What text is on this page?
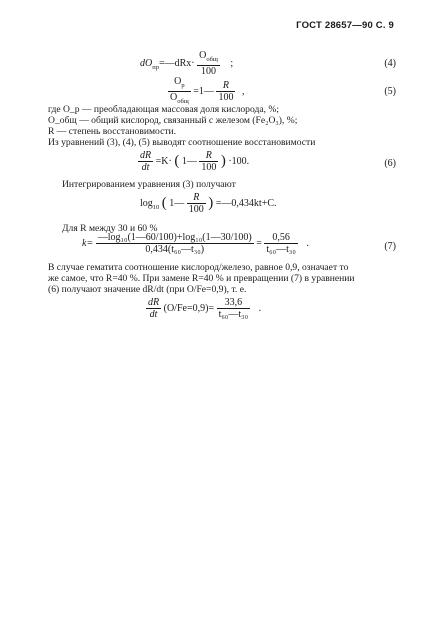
ГОСТ 28657—90 С. 9
$dO_{пр}=—dRx\cdot \frac{O_{общ}}{100}$ ;	(4)
$\frac{O_р}{O_{общ}}$ =1— $\frac{R}{100}$ ,	(5)
где O_р — преобладающая массовая доля кислорода, %;
O_общ — общий кислород, связанный с железом (Fe₂O₃), %;
R — степень восстановимости.
Из уравнений (3), (4), (5) выводят соотношение восстановимости
$\frac{dR}{dt} =K\cdot$ ( 1— $\frac{R}{100}$ ) ·100.	(6)
Интегрированием уравнения (3) получают
$\log_{10}$ ( 1— $\frac{R}{100}$ ) =—0,434kt+C.
Для R между 30 и 60 %
$k= \frac{\text{—log₁₀(1—60/100)+log₁₀(1—30/100)}}{\text{0,434(t₆₀—t₃₀)}} = \frac{0,56}{\text{t₆₀—t₃₀}}$ .	(7)
В случае гематита соотношение кислород/железо, равное 0,9, означает то
же самое, что R=40 %. При замене R=40 % и превращении (7) в уравнении
(6) получают значение dR/dt (при O/Fe=0,9), т. е.
$\frac{dR}{dt} (O/Fe=0,9)= \frac{33,6}{\text{t₆₀—t₃₀}}$ .
